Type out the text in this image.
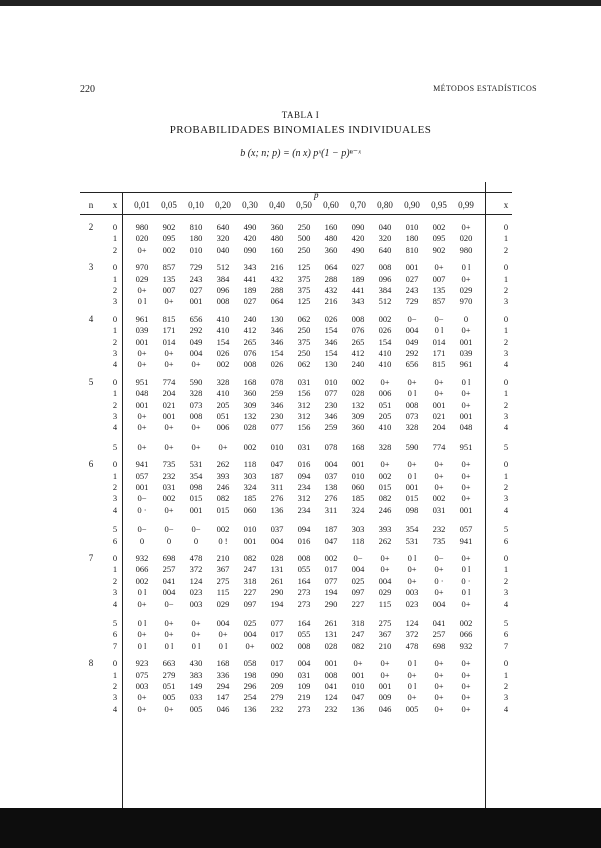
220	MÉTODOS ESTADÍSTICOS
TABLA I
PROBABILIDADES BINOMIALES INDIVIDUALES
b (x; n; p) = (n x) pˣ(1 − p)ⁿ⁻ˣ
p
n	x	0,01	0,05	0,10	0,20	0,30	0,40	0,50	0,60	0,70	0,80	0,90	0,95	0,99	x
2	0	980	902	810	640	490	360	250	160	090	040	010	002	0+	0
1	020	095	180	320	420	480	500	480	420	320	180	095	020	1
2	0+	002	010	040	090	160	250	360	490	640	810	902	980	2
3	0	970	857	729	512	343	216	125	064	027	008	001	0+	0 l	0
1	029	135	243	384	441	432	375	288	189	096	027	007	0+	1
2	0+	007	027	096	189	288	375	432	441	384	243	135	029	2
3	0 l	0+	001	008	027	064	125	216	343	512	729	857	970	3
4	0	961	815	656	410	240	130	062	026	008	002	0−	0−	0	0
1	039	171	292	410	412	346	250	154	076	026	004	0 l	0+	1
2	001	014	049	154	265	346	375	346	265	154	049	014	001	2
3	0+	0+	004	026	076	154	250	154	412	410	292	171	039	3
4	0+	0+	0+	002	008	026	062	130	240	410	656	815	961	4
5	0	951	774	590	328	168	078	031	010	002	0+	0+	0+	0 l	0
1	048	204	328	410	360	259	156	077	028	006	0 l	0+	0+	1
2	001	021	073	205	309	346	312	230	132	051	008	001	0+	2
3	0+	001	008	051	132	230	312	346	309	205	073	021	001	3
4	0+	0+	0+	006	028	077	156	259	360	410	328	204	048	4
5	0+	0+	0+	0+	002	010	031	078	168	328	590	774	951	5
6	0	941	735	531	262	118	047	016	004	001	0+	0+	0+	0+	0
1	057	232	354	393	303	187	094	037	010	002	0 l	0+	0+	1
2	001	031	098	246	324	311	234	138	060	015	001	0+	0+	2
3	0−	002	015	082	185	276	312	276	185	082	015	002	0+	3
4	0 ·	0+	001	015	060	136	234	311	324	246	098	031	001	4
5	0−	0−	0−	002	010	037	094	187	303	393	354	232	057	5
6	0	0	0	0 !	001	004	016	047	118	262	531	735	941	6
7	0	932	698	478	210	082	028	008	002	0−	0+	0 l	0−	0+	0
1	066	257	372	367	247	131	055	017	004	0+	0+	0+	0 l	1
2	002	041	124	275	318	261	164	077	025	004	0+	0 ·	0 ·	2
3	0 l	004	023	115	227	290	273	194	097	029	003	0+	0 l	3
4	0+	0−	003	029	097	194	273	290	227	115	023	004	0+	4
5	0 l	0+	0+	004	025	077	164	261	318	275	124	041	002	5
6	0+	0+	0+	0+	004	017	055	131	247	367	372	257	066	6
7	0 l	0 l	0 l	0 l	0+	002	008	028	082	210	478	698	932	7
8	0	923	663	430	168	058	017	004	001	0+	0+	0 l	0+	0+	0
1	075	279	383	336	198	090	031	008	001	0+	0+	0+	0+	1
2	003	051	149	294	296	209	109	041	010	001	0 l	0+	0+	2
3	0+	005	033	147	254	279	219	124	047	009	0+	0+	0+	3
4	0+	0+	005	046	136	232	273	232	136	046	005	0+	0+	4
